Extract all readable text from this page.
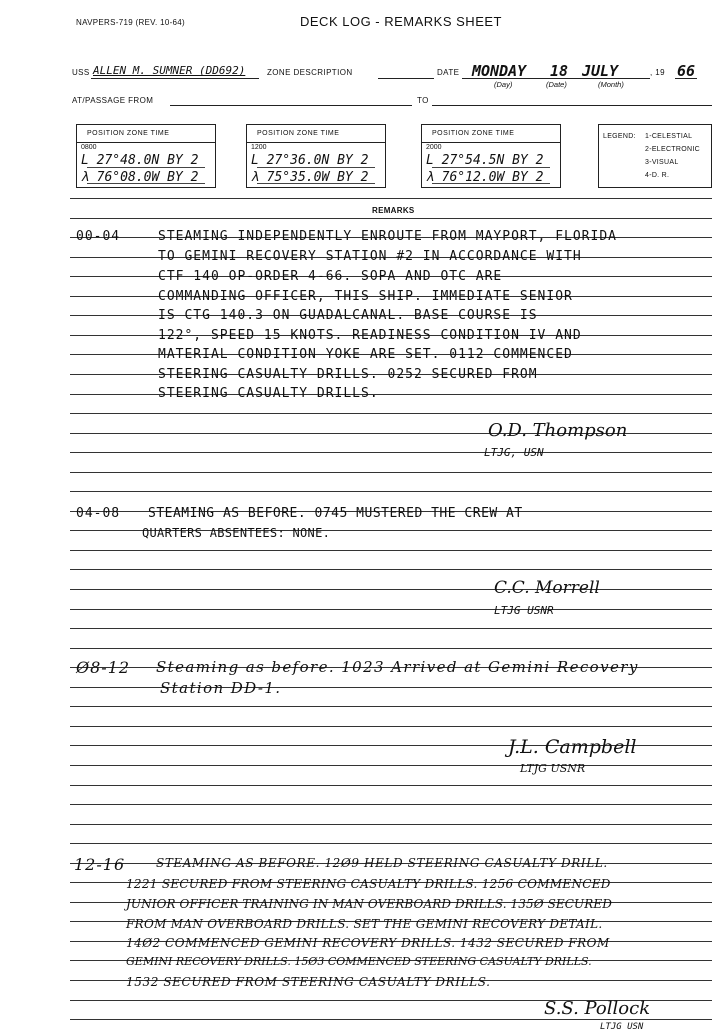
NAVPERS-719 (REV. 10-64)	DECK LOG - REMARKS SHEET
USS ALLEN M. SUMNER (DD692)	ZONE DESCRIPTION	DATE MONDAY 18 JULY	, 19 66
(Day)	(Date)	(Month)
AT/PASSAGE FROM	TO
POSITION ZONE TIME
0800
L 27°48.0N BY 2
λ 76°08.0W BY 2
POSITION ZONE TIME
1200
L 27°36.0N BY 2
λ 75°35.0W BY 2
POSITION ZONE TIME
2000
L 27°54.5N BY 2
λ 76°12.0W BY 2
LEGEND: 1-CELESTIAL
2-ELECTRONIC
3-VISUAL
4-D. R.
REMARKS
00-04	STEAMING INDEPENDENTLY ENROUTE FROM MAYPORT, FLORIDA
TO GEMINI RECOVERY STATION #2 IN ACCORDANCE WITH
CTF 140 OP-ORDER 4-66. SOPA AND OTC ARE
COMMANDING OFFICER, THIS SHIP. IMMEDIATE SENIOR
IS CTG 140.3 ON GUADALCANAL. BASE COURSE IS
122°, SPEED 15 KNOTS. READINESS CONDITION IV AND
MATERIAL CONDITION YOKE ARE SET. 0112 COMMENCED
STEERING CASUALTY DRILLS. 0252 SECURED FROM
STEERING CASUALTY DRILLS.
O.D. Thompson
LTJG, USN
04-08 STEAMING AS BEFORE. 0745 MUSTERED THE CREW AT
QUARTERS ABSENTEES: NONE.
C.C. Morrell
LTJG USNR
Ø8-12 Steaming as before. 1023 Arrived at Gemini Recovery
Station DD-1.
J.L. Campbell
LTJG USNR
12-16	STEAMING AS BEFORE. 12Ø9 HELD STEERING CASUALTY DRILL.
1221 SECURED FROM STEERING CASUALTY DRILLS. 1256 COMMENCED
JUNIOR OFFICER TRAINING IN MAN OVERBOARD DRILLS. 135Ø SECURED
FROM MAN OVERBOARD DRILLS. SET THE GEMINI RECOVERY DETAIL.
14Ø2 COMMENCED GEMINI RECOVERY DRILLS. 1432 SECURED FROM
GEMINI RECOVERY DRILLS. 15Ø3 COMMENCED STEERING CASUALTY DRILLS.
1532 SECURED FROM STEERING CASUALTY DRILLS.
S.S. Pollock
LTJG USN
